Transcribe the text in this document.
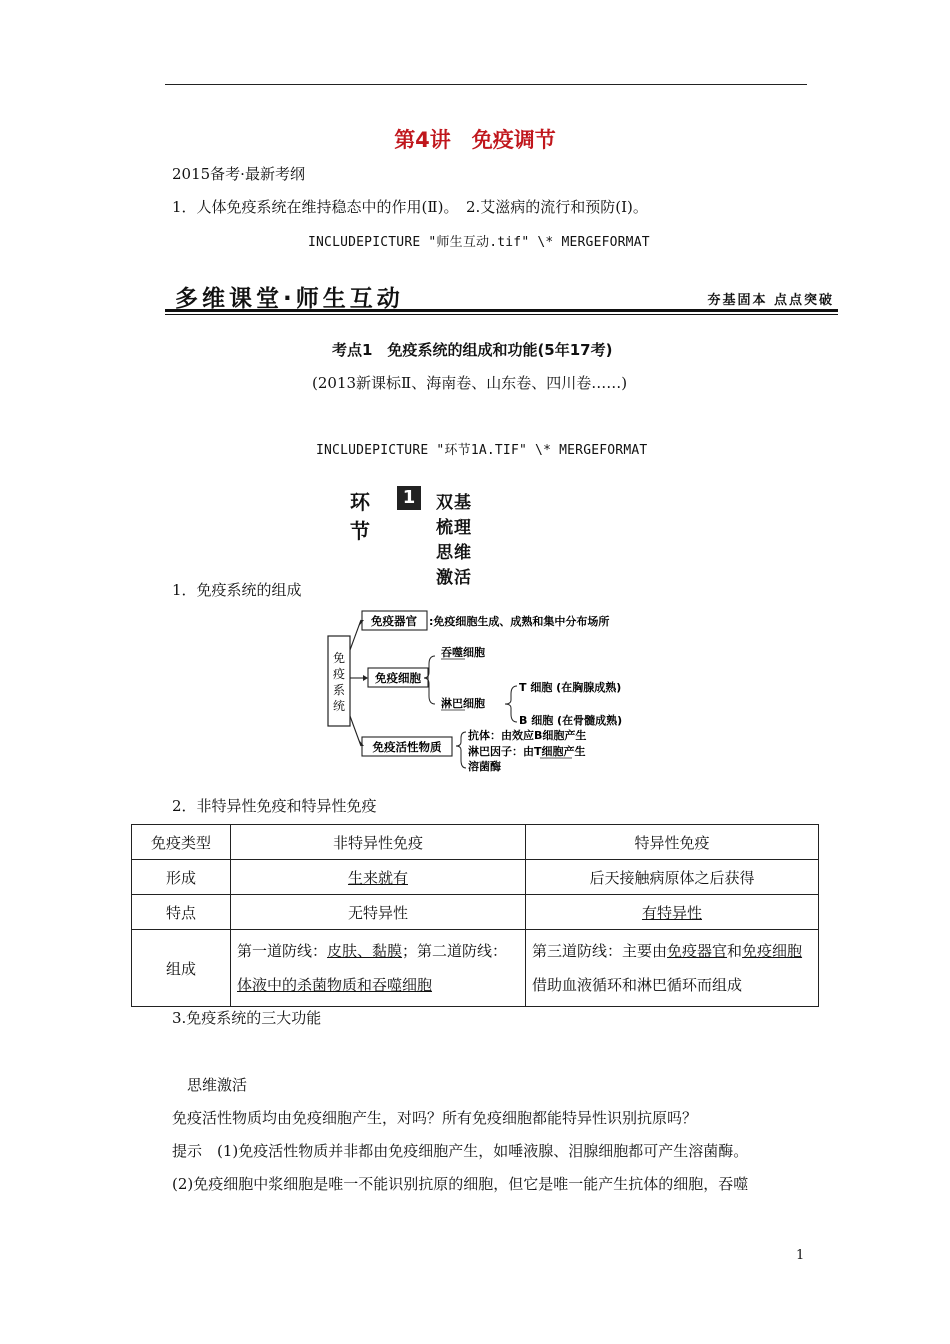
第4讲　免疫调节
2015备考·最新考纲
1．人体免疫系统在维持稳态中的作用(Ⅱ)。　2.艾滋病的流行和预防(Ⅰ)。
INCLUDEPICTURE "师生互动.tif" \* MERGEFORMAT
多维课堂·师生互动	夯基固本 点点突破
考点1　免疫系统的组成和功能(5年17考)
(2013新课标Ⅱ、海南卷、山东卷、四川卷……)
INCLUDEPICTURE "环节1A.TIF" \* MERGEFORMAT
环节
1	双基梳理　思维激活
1．免疫系统的组成
免
疫
系
统
免疫器官 :免疫细胞生成、成熟和集中分布场所
免疫细胞
吞噬细胞
淋巴细胞
T 细胞 (在胸腺成熟)
B 细胞 (在骨髓成熟)
免疫活性物质
抗体：由效应B细胞产生
淋巴因子：由T细胞产生
溶菌酶
2．非特异性免疫和特异性免疫
免疫类型	非特异性免疫	特异性免疫
形成	生来就有	后天接触病原体之后获得
特点	无特异性	有特异性
组成	第一道防线：皮肤、黏膜；第二道防线：体液中的杀菌物质和吞噬细胞	第三道防线：主要由免疫器官和免疫细胞借助血液循环和淋巴循环而组成
3.免疫系统的三大功能
思维激活
免疫活性物质均由免疫细胞产生，对吗？所有免疫细胞都能特异性识别抗原吗？
提示　(1)免疫活性物质并非都由免疫细胞产生，如唾液腺、泪腺细胞都可产生溶菌酶。
(2)免疫细胞中浆细胞是唯一不能识别抗原的细胞，但它是唯一能产生抗体的细胞，吞噬
1
